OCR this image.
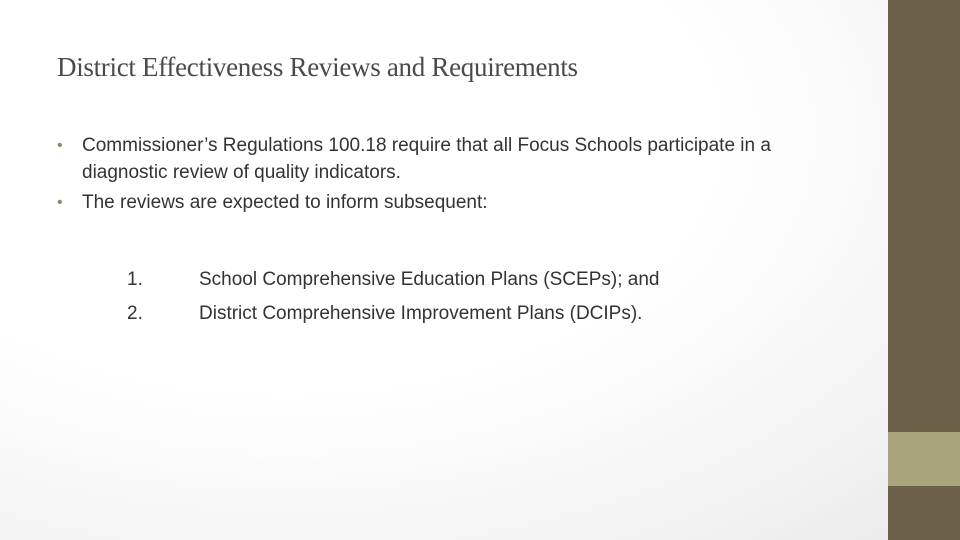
District Effectiveness Reviews and Requirements
• Commissioner’s Regulations 100.18 require that all Focus Schools participate in a diagnostic review of quality indicators.
• The reviews are expected to inform subsequent:
1.	School Comprehensive Education Plans (SCEPs); and
2.	District Comprehensive Improvement Plans (DCIPs).
